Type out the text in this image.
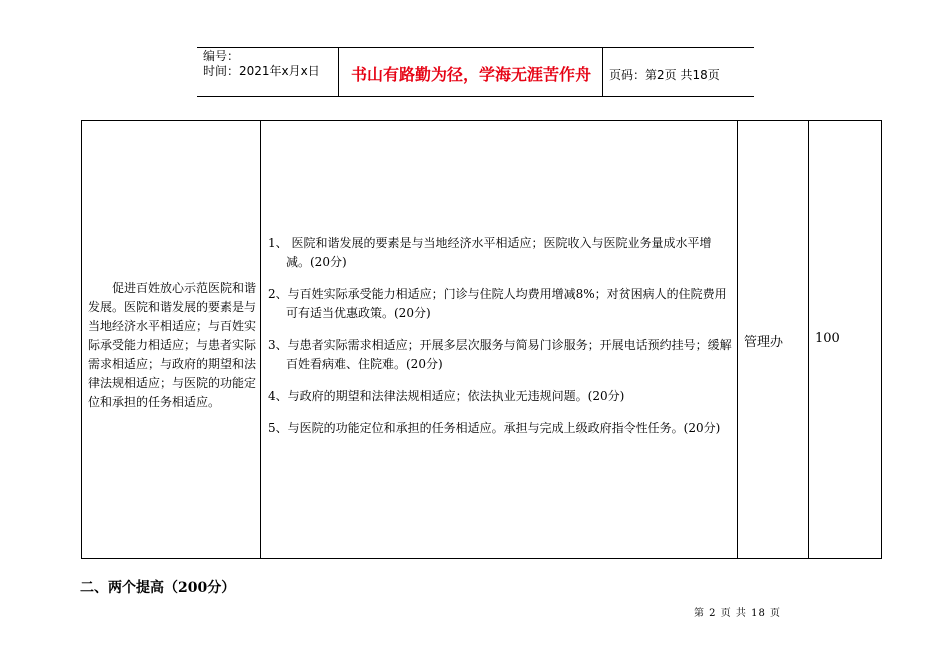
编号：
时间：2021年x月x日	书山有路勤为径，学海无涯苦作舟	页码：第2页 共18页
促进百姓放心示范医院和谐发展。医院和谐发展的要素是与当地经济水平相适应；与百姓实际承受能力相适应；与患者实际需求相适应；与政府的期望和法律法规相适应；与医院的功能定位和承担的任务相适应。
1、 医院和谐发展的要素是与当地经济水平相适应；医院收入与医院业务量成水平增减。(20分)
2、与百姓实际承受能力相适应；门诊与住院人均费用增减8%；对贫困病人的住院费用可有适当优惠政策。(20分)
3、与患者实际需求相适应；开展多层次服务与简易门诊服务；开展电话预约挂号；缓解百姓看病难、住院难。(20分)
4、与政府的期望和法律法规相适应；依法执业无违规问题。(20分)
5、与医院的功能定位和承担的任务相适应。承担与完成上级政府指令性任务。(20分)
管理办 100
二、两个提高（200分）
第 2 页 共 18 页
